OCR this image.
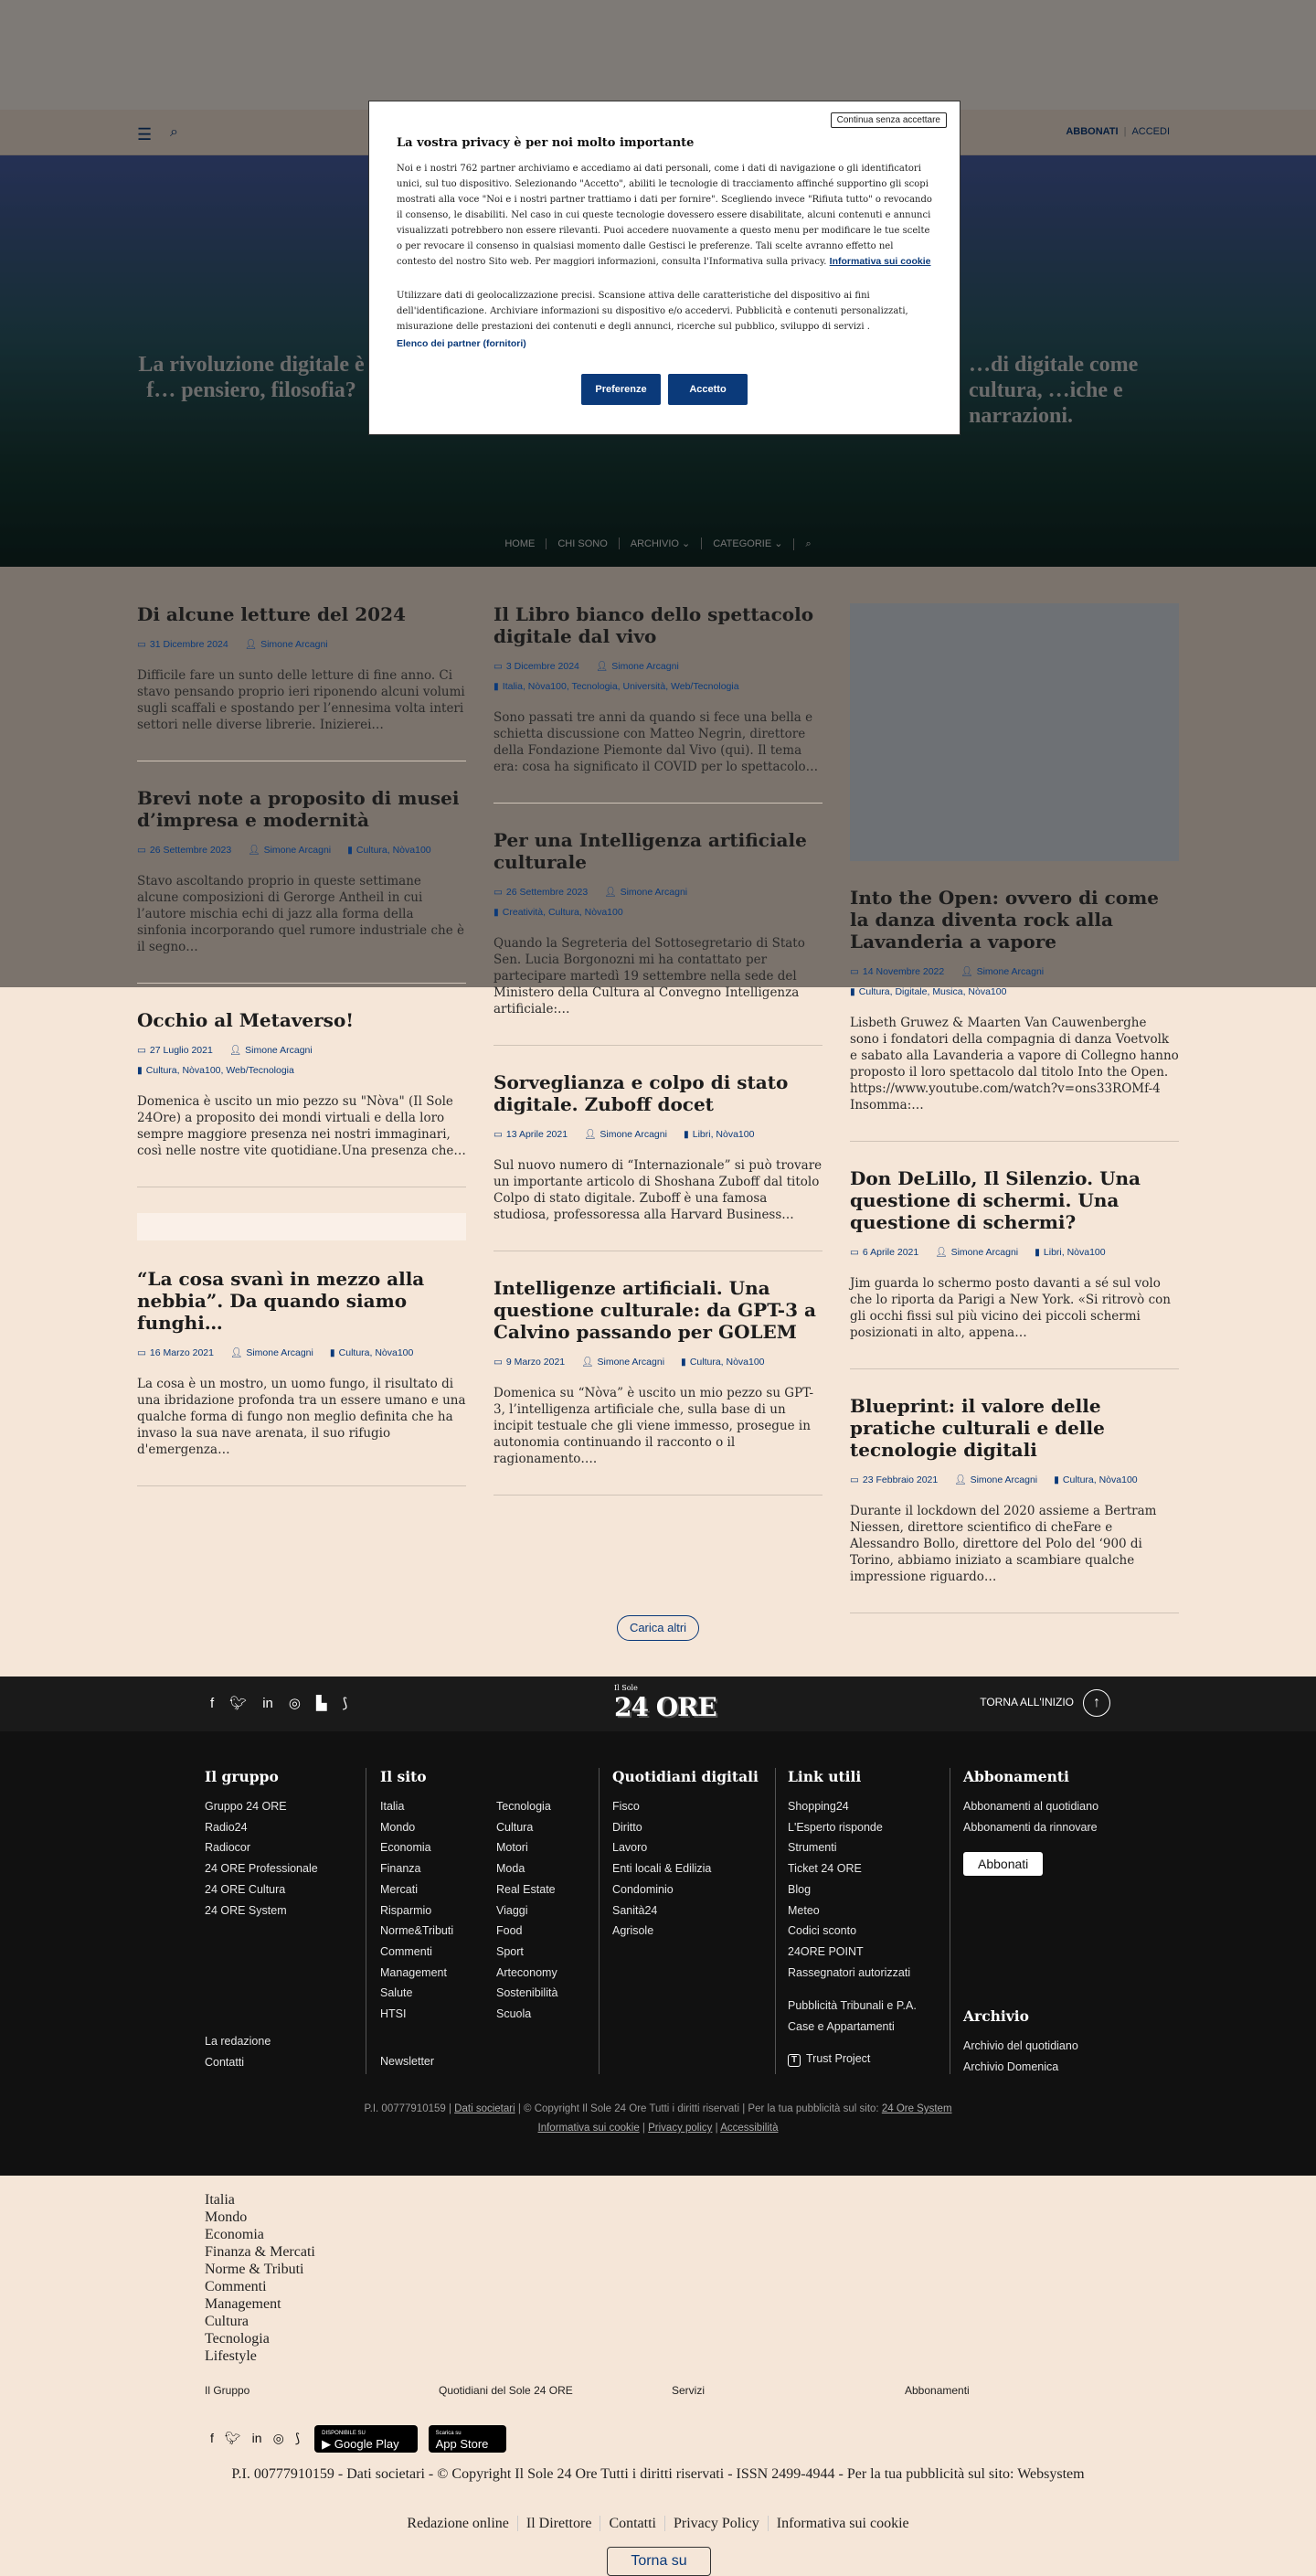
☰ ⌕	ABBONATI | ACCEDI
La rivoluzione digitale è f… pensiero, filosofia?
…di digitale come cultura, …iche e narrazioni.
HOME CHI SONO ARCHIVIO ⌄ CATEGORIE ⌄ ⌕
Di alcune letture del 2024
▭ 31 Dicembre 2024 👤︎ Simone Arcagni

Difficile fare un sunto delle letture di fine anno. Ci stavo pensando proprio ieri riponendo alcuni volumi sugli scaffali e spostando per l’ennesima volta interi settori nelle diverse librerie. Inizierei…

Brevi note a proposito di musei d’impresa e modernità
▭ 26 Settembre 2023 👤︎ Simone Arcagni ▮ Cultura, Nòva100

Stavo ascoltando proprio in queste settimane alcune composizioni di Gerorge Antheil in cui l’autore mischia echi di jazz alla forma della sinfonia incorporando quel rumore industriale che è il segno…

Occhio al Metaverso!
▭ 27 Luglio 2021 👤︎ Simone Arcagni▮ Cultura, Nòva100, Web/Tecnologia

Domenica è uscito un mio pezzo su "Nòva" (Il Sole 24Ore) a proposito dei mondi virtuali e della loro sempre maggiore presenza nei nostri immaginari, così nelle nostre vite quotidiane.Una presenza che…

“La cosa svanì in mezzo alla nebbia”. Da quando siamo funghi…
▭ 16 Marzo 2021 👤︎ Simone Arcagni ▮ Cultura, Nòva100

La cosa è un mostro, un uomo fungo, il risultato di una ibridazione profonda tra un essere umano e una qualche forma di fungo non meglio definita che ha invaso la sua nave arenata, il suo rifugio d'emergenza…

Il Libro bianco dello spettacolo digitale dal vivo
▭ 3 Dicembre 2024 👤︎ Simone Arcagni▮ Italia, Nòva100, Tecnologia, Università, Web/Tecnologia

Sono passati tre anni da quando si fece una bella e schietta discussione con Matteo Negrin, direttore della Fondazione Piemonte dal Vivo (qui). Il tema era: cosa ha significato il COVID per lo spettacolo…

Per una Intelligenza artificiale culturale
▭ 26 Settembre 2023 👤︎ Simone Arcagni▮ Creatività, Cultura, Nòva100

Quando la Segreteria del Sottosegretario di Stato Sen. Lucia Borgonozni mi ha contattato per partecipare martedì 19 settembre nella sede del Ministero della Cultura al Convegno Intelligenza artificiale:…

Sorveglianza e colpo di stato digitale. Zuboff docet
▭ 13 Aprile 2021 👤︎ Simone Arcagni ▮ Libri, Nòva100

Sul nuovo numero di “Internazionale” si può trovare un importante articolo di Shoshana Zuboff dal titolo Colpo di stato digitale. Zuboff è una famosa studiosa, professoressa alla Harvard Business…

Intelligenze artificiali. Una questione culturale: da GPT-3 a Calvino passando per GOLEM
▭ 9 Marzo 2021 👤︎ Simone Arcagni ▮ Cultura, Nòva100

Domenica su “Nòva” è uscito un mio pezzo su GPT-3, l’intelligenza artificiale che, sulla base di un incipit testuale che gli viene immesso, prosegue in autonomia continuando il racconto o il ragionamento….

Into the Open: ovvero di come la danza diventa rock alla Lavanderia a vapore
▭ 14 Novembre 2022 👤︎ Simone Arcagni▮ Cultura, Digitale, Musica, Nòva100

Lisbeth Gruwez & Maarten Van Cauwenberghe sono i fondatori della compagnia di danza Voetvolk e sabato alla Lavanderia a vapore di Collegno hanno proposto il loro spettacolo dal titolo Into the Open. https://www.youtube.com/watch?v=ons33ROMf-4 Insomma:…

Don DeLillo, Il Silenzio. Una questione di schermi. Una questione di schermi?
▭ 6 Aprile 2021 👤︎ Simone Arcagni ▮ Libri, Nòva100

Jim guarda lo schermo posto davanti a sé sul volo che lo riporta da Parigi a New York. «Si ritrovò con gli occhi fissi sul più vicino dei piccoli schermi posizionati in alto, appena…

Blueprint: il valore delle pratiche culturali e delle tecnologie digitali
▭ 23 Febbraio 2021 👤︎ Simone Arcagni ▮ Cultura, Nòva100

Durante il lockdown del 2020 assieme a Bertram Niessen, direttore scientifico di cheFare e Alessandro Bollo, direttore del Polo del ‘900 di Torino, abbiamo iniziato a scambiare qualche impressione riguardo…

Carica altri
f 🐦︎ in ◎ ▙ ⟆
Il Sole
24 ORE	TORNA ALL'INIZIO ↑
Il gruppo
Gruppo 24 ORE
Radio24
Radiocor
24 ORE Professionale
24 ORE Cultura
24 ORE System
La redazione
Contatti
Il sito
Italia
Mondo
Economia
Finanza
Mercati
Risparmio
Norme&Tributi
Commenti
Management
Salute
HTSI
Tecnologia
Cultura
Motori
Moda
Real Estate
Viaggi
Food
Sport
Arteconomy
Sostenibilità
Scuola
Newsletter
Quotidiani digitali
Fisco
Diritto
Lavoro
Enti locali & Edilizia
Condominio
Sanità24
Agrisole
Link utili
Shopping24
L'Esperto risponde
Strumenti
Ticket 24 ORE
Blog
Meteo
Codici sconto
24ORE POINT
Rassegnatori autorizzati
Pubblicità Tribunali e P.A.
Case e Appartamenti
T Trust Project
Abbonamenti
Abbonamenti al quotidiano
Abbonamenti da rinnovare
Abbonati
Archivio
Archivio del quotidiano
Archivio Domenica
P.I. 00777910159 | Dati societari | © Copyright Il Sole 24 Ore Tutti i diritti riservati | Per la tua pubblicità sul sito: 24 Ore System
Informativa sui cookie | Privacy policy | Accessibilità
Italia
Mondo
Economia
Finanza & Mercati
Norme & Tributi
Commenti
Management
Cultura
Tecnologia
Lifestyle
Il Gruppo	Quotidiani del Sole 24 ORE	Servizi	Abbonamenti
f 🐦︎ in ◎ ⟆	DISPONIBILE SU
▶ Google Play
Scarica su
App Store
P.I. 00777910159 - Dati societari - © Copyright Il Sole 24 Ore Tutti i diritti riservati - ISSN 2499-4944 - Per la tua pubblicità sul sito: Websystem
Redazione online Il Direttore Contatti Privacy Policy Informativa sui cookie
Torna su
Continua senza accettare
La vostra privacy è per noi molto importante

Noi e i nostri 762 partner archiviamo e accediamo ai dati personali, come i dati di navigazione o gli identificatori unici, sul tuo dispositivo. Selezionando "Accetto", abiliti le tecnologie di tracciamento affinché supportino gli scopi mostrati alla voce "Noi e i nostri partner trattiamo i dati per fornire". Scegliendo invece "Rifiuta tutto" o revocando il consenso, le disabiliti. Nel caso in cui queste tecnologie dovessero essere disabilitate, alcuni contenuti e annunci visualizzati potrebbero non essere rilevanti. Puoi accedere nuovamente a questo menu per modificare le tue scelte o per revocare il consenso in qualsiasi momento dalle Gestisci le preferenze. Tali scelte avranno effetto nel contesto del nostro Sito web. Per maggiori informazioni, consulta l'Informativa sulla privacy. Informativa sui cookie

Utilizzare dati di geolocalizzazione precisi. Scansione attiva delle caratteristiche del dispositivo ai fini dell'identificazione. Archiviare informazioni su dispositivo e/o accedervi. Pubblicità e contenuti personalizzati, misurazione delle prestazioni dei contenuti e degli annunci, ricerche sul pubblico, sviluppo di servizi .

Elenco dei partner (fornitori)
Preferenze	Accetto
